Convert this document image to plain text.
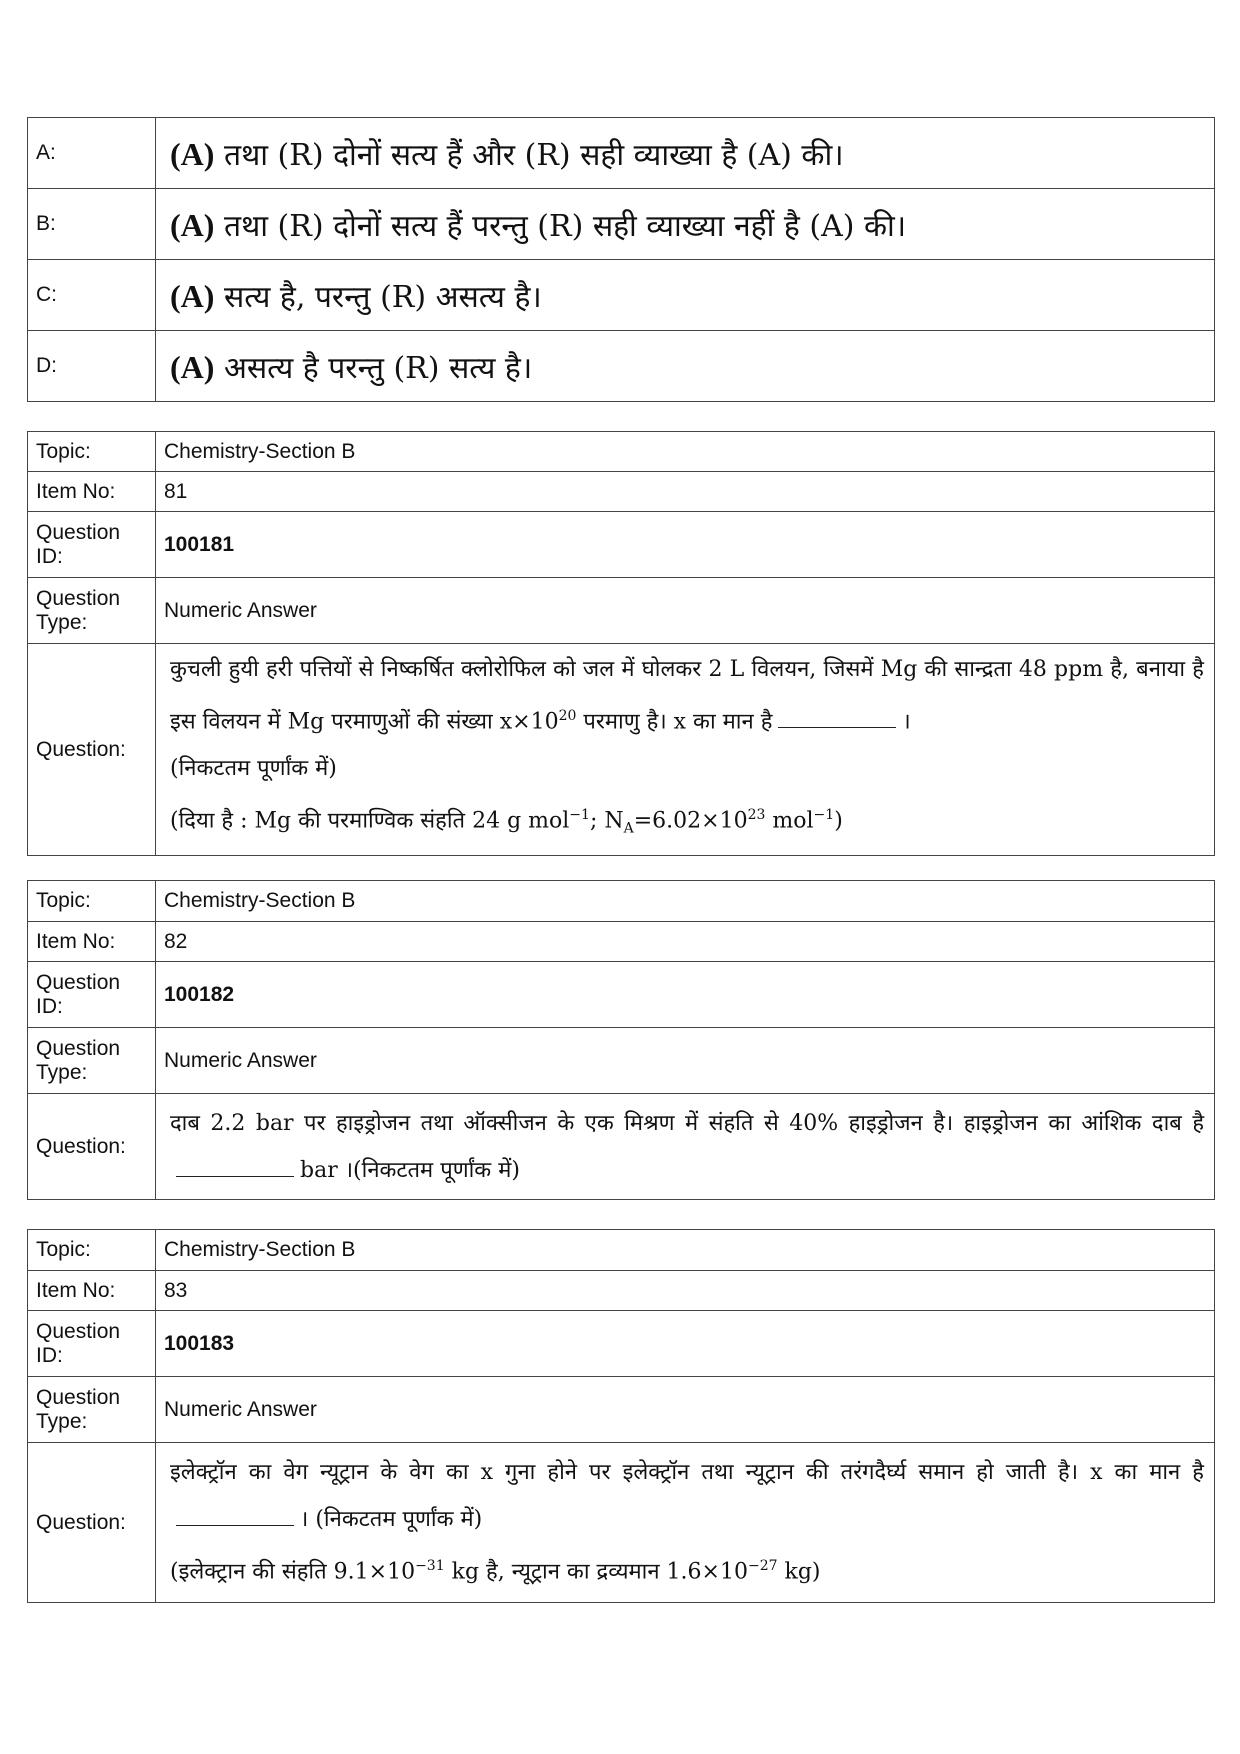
A:	(A) तथा (R) दोनों सत्य हैं और (R) सही व्याख्या है (A) की।
B:	(A) तथा (R) दोनों सत्य हैं परन्तु (R) सही व्याख्या नहीं है (A) की।
C:	(A) सत्य है, परन्तु (R) असत्य है।
D:	(A) असत्य है परन्तु (R) सत्य है।
Topic:	Chemistry-Section B
Item No:	81
Question ID:	100181
Question Type:	Numeric Answer
Question:	कुचली हुयी हरी पत्तियों से निष्कर्षित क्लोरोफिल को जल में घोलकर 2 L विलयन, जिसमें Mg की सान्द्रता 48 ppm है, बनाया है इस विलयन में Mg परमाणुओं की संख्या $x\times 10^{20}$ परमाणु है। x का मान है ।

(निकटतम पूर्णांक में)

(दिया है : Mg की परमाण्विक संहति 24 g mol$^{-1}$; $N_A=6.02\times 10^{23}$ mol$^{-1}$)

Topic:	Chemistry-Section B
Item No:	82
Question ID:	100182
Question Type:	Numeric Answer
Question:	दाब 2.2 bar पर हाइड्रोजन तथा ऑक्सीजन के एक मिश्रण में संहति से 40% हाइड्रोजन है। हाइड्रोजन का आंशिक दाब हैbar ।(निकटतम पूर्णांक में)

Topic:	Chemistry-Section B
Item No:	83
Question ID:	100183
Question Type:	Numeric Answer
Question:	इलेक्ट्रॉन का वेग न्यूट्रान के वेग का x गुना होने पर इलेक्ट्रॉन तथा न्यूट्रान की तरंगदैर्घ्य समान हो जाती है। x का मान है। (निकटतम पूर्णांक में)

(इलेक्ट्रान की संहति $9.1\times 10^{-31}$ kg है, न्यूट्रान का द्रव्यमान $1.6\times 10^{-27}$ kg)
